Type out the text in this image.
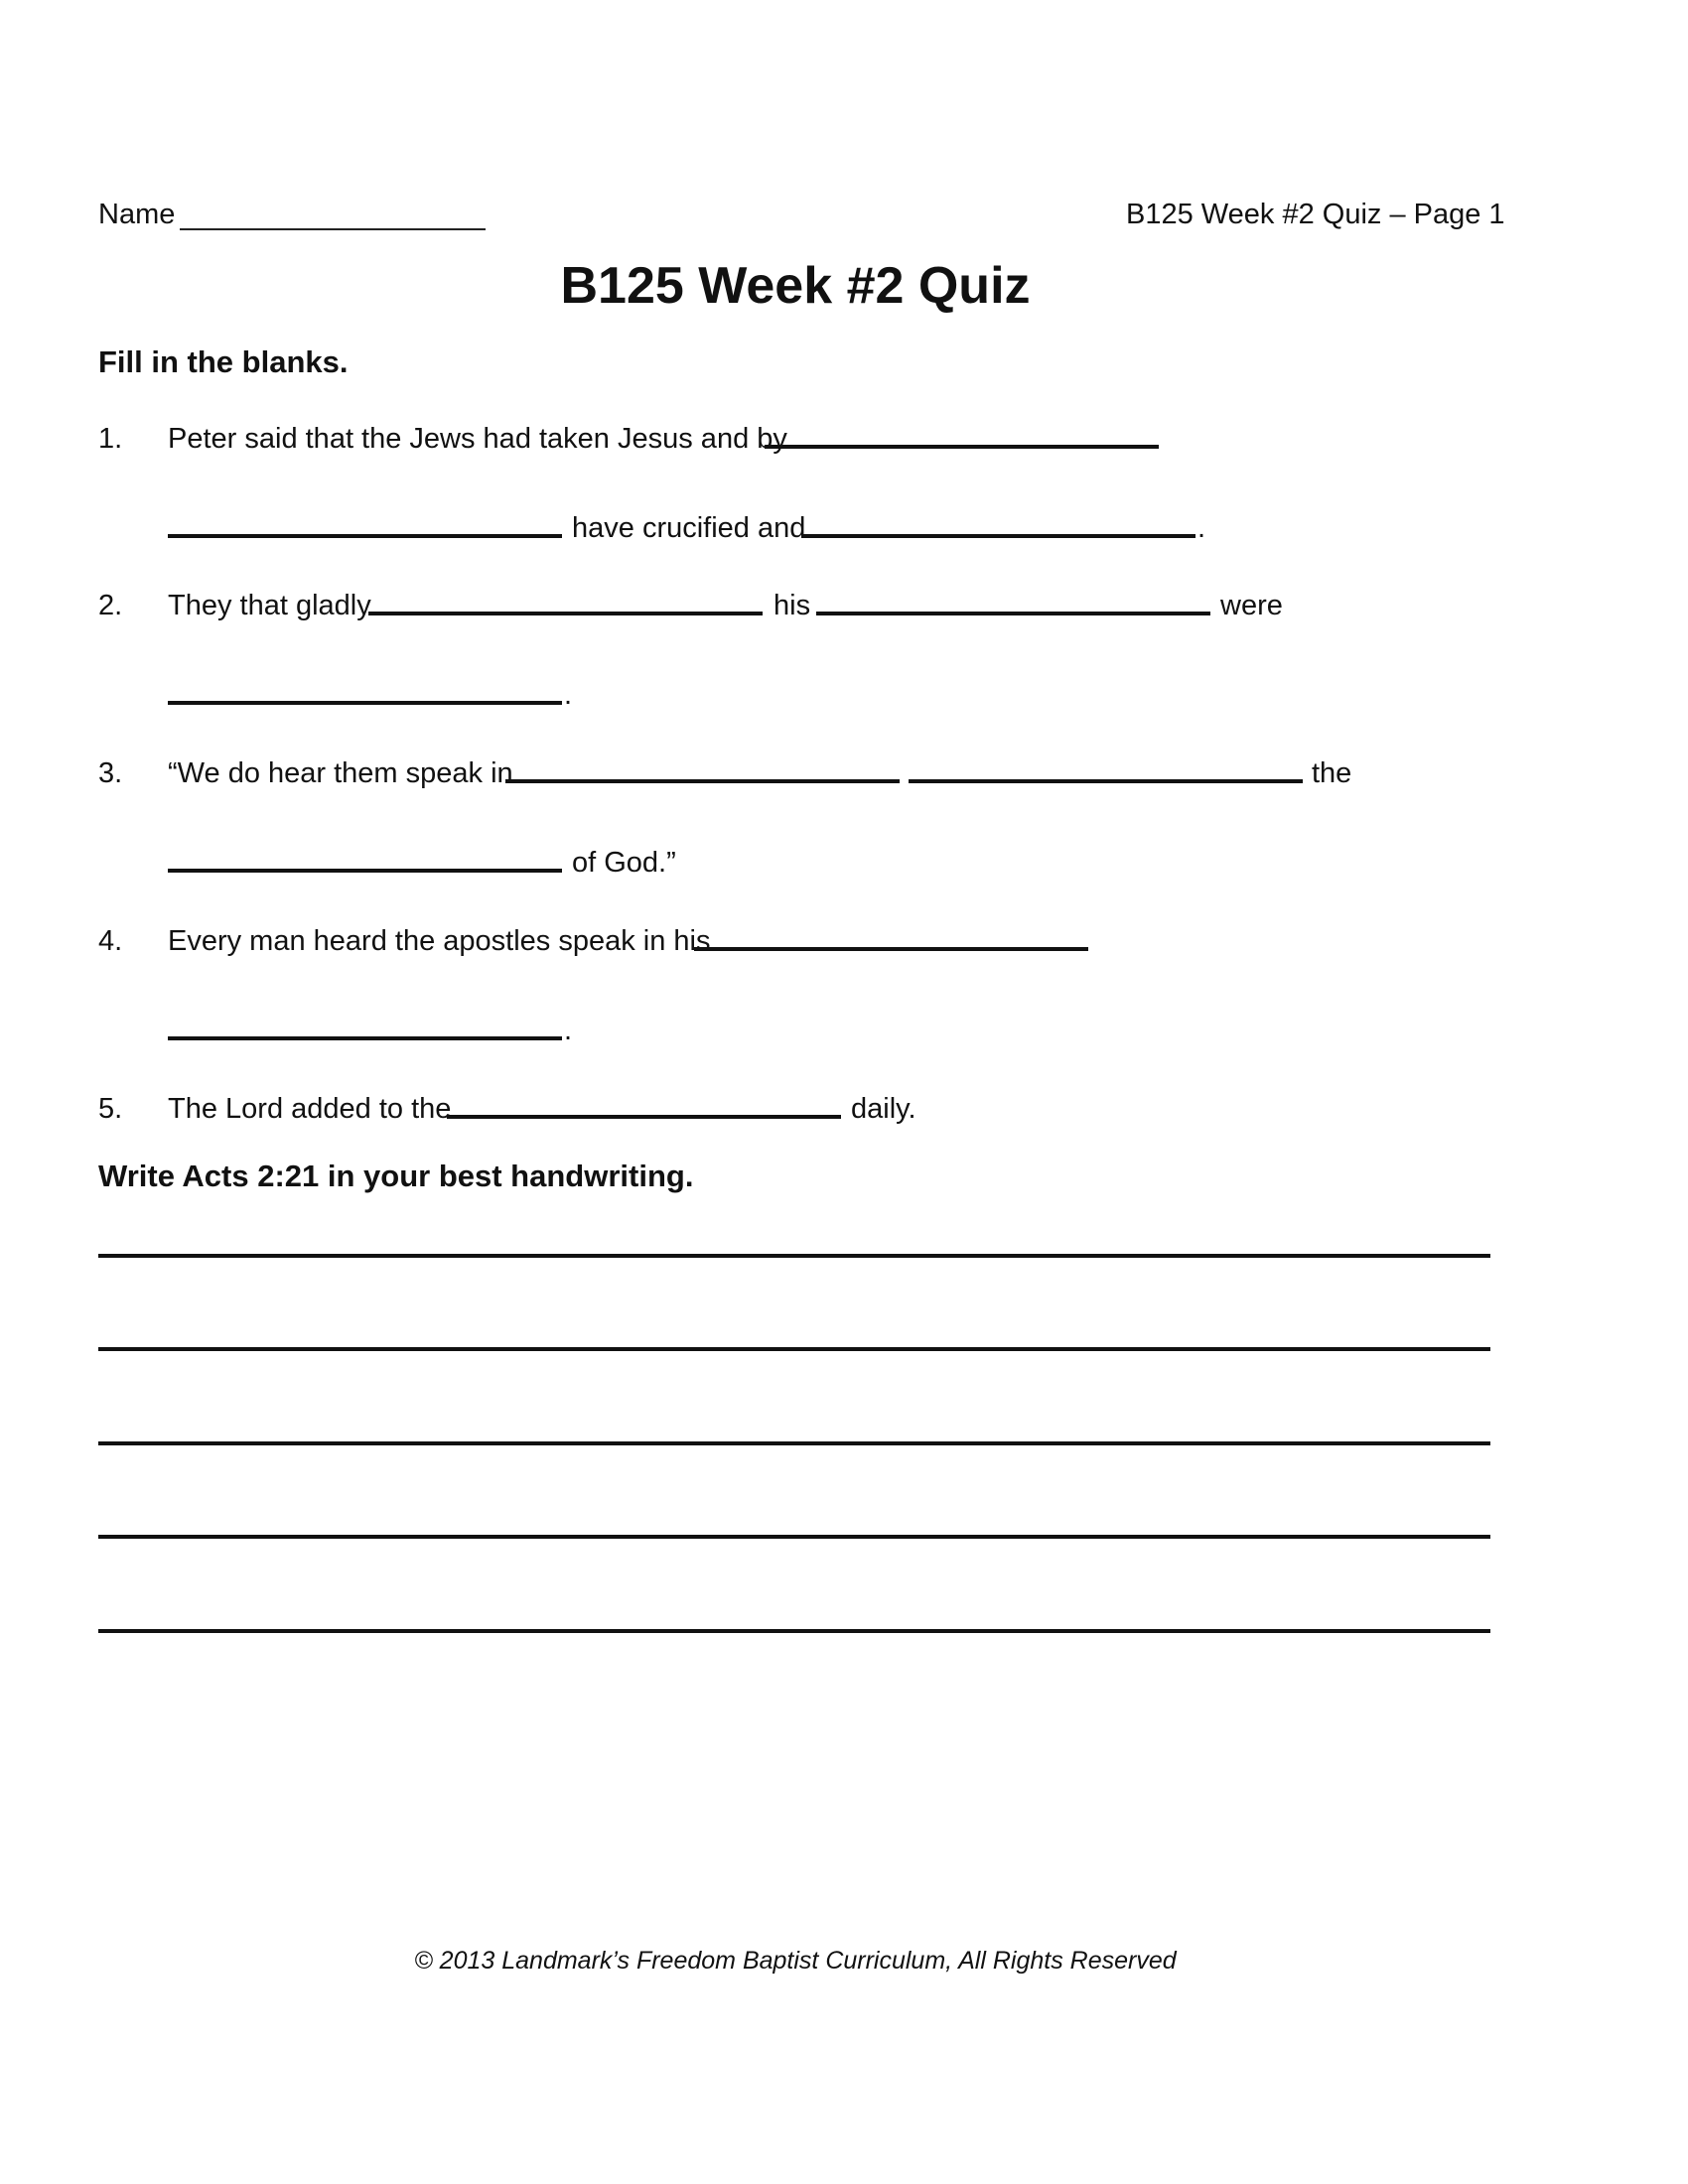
Name	B125 Week #2 Quiz – Page 1
B125 Week #2 Quiz
Fill in the blanks.
1. Peter said that the Jews had taken Jesus and by
have crucified and	.
2. They that gladly	his	were
.
3. “We do hear them speak in	the
of God.”
4. Every man heard the apostles speak in his
.
5. The Lord added to the	daily.
Write Acts 2:21 in your best handwriting.
© 2013 Landmark’s Freedom Baptist Curriculum, All Rights Reserved
